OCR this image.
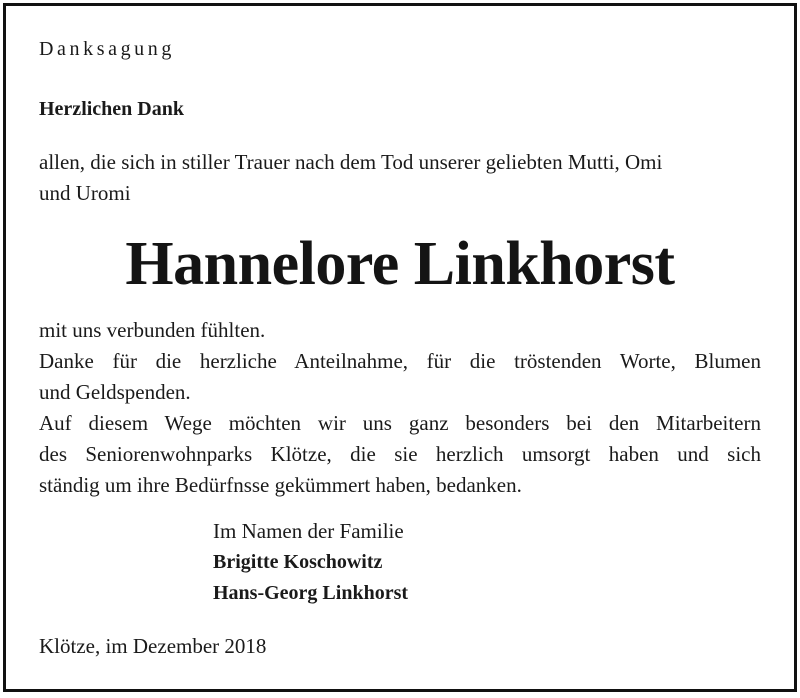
Danksagung

Herzlichen Dank

allen, die sich in stiller Trauer nach dem Tod unserer geliebten Mutti, Omi
und Uromi

Hannelore Linkhorst

mit uns verbunden fühlten.
Danke für die herzliche Anteilnahme, für die tröstenden Worte, Blumen
und Geldspenden.
Auf diesem Wege möchten wir uns ganz besonders bei den Mitarbeitern
des Seniorenwohnparks Klötze, die sie herzlich umsorgt haben und sich
ständig um ihre Bedürfnsse gekümmert haben, bedanken.

Im Namen der Familie
Brigitte Koschowitz
Hans-Georg Linkhorst

Klötze, im Dezember 2018
